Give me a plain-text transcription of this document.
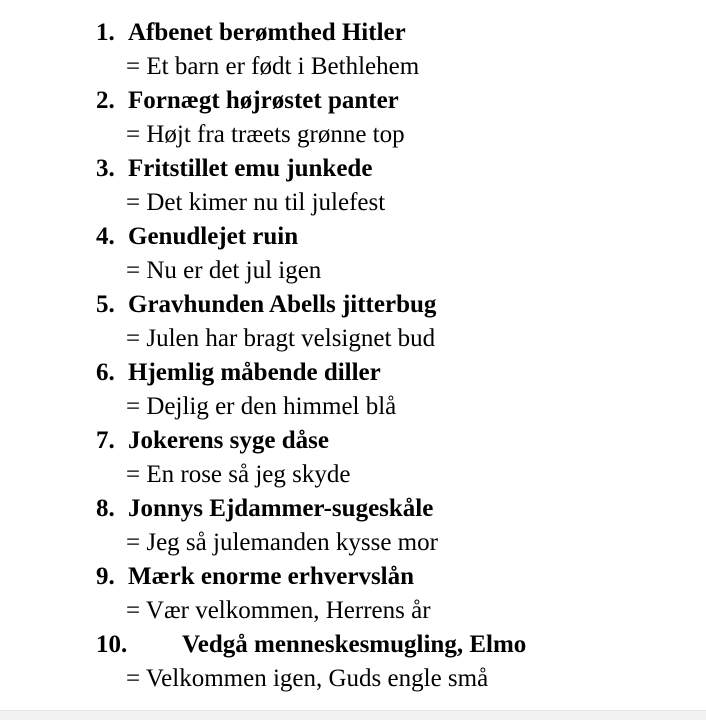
1. Afbenet berømthed Hitler
= Et barn er født i Bethlehem
2. Fornægt højrøstet panter
= Højt fra træets grønne top
3. Fritstillet emu junkede
= Det kimer nu til julefest
4. Genudlejet ruin
= Nu er det jul igen
5. Gravhunden Abells jitterbug
= Julen har bragt velsignet bud
6. Hjemlig måbende diller
= Dejlig er den himmel blå
7. Jokerens syge dåse
= En rose så jeg skyde
8. Jonnys Ejdammer-sugeskåle
= Jeg så julemanden kysse mor
9. Mærk enorme erhvervslån
= Vær velkommen, Herrens år
10. Vedgå menneskesmugling, Elmo
= Velkommen igen, Guds engle små
